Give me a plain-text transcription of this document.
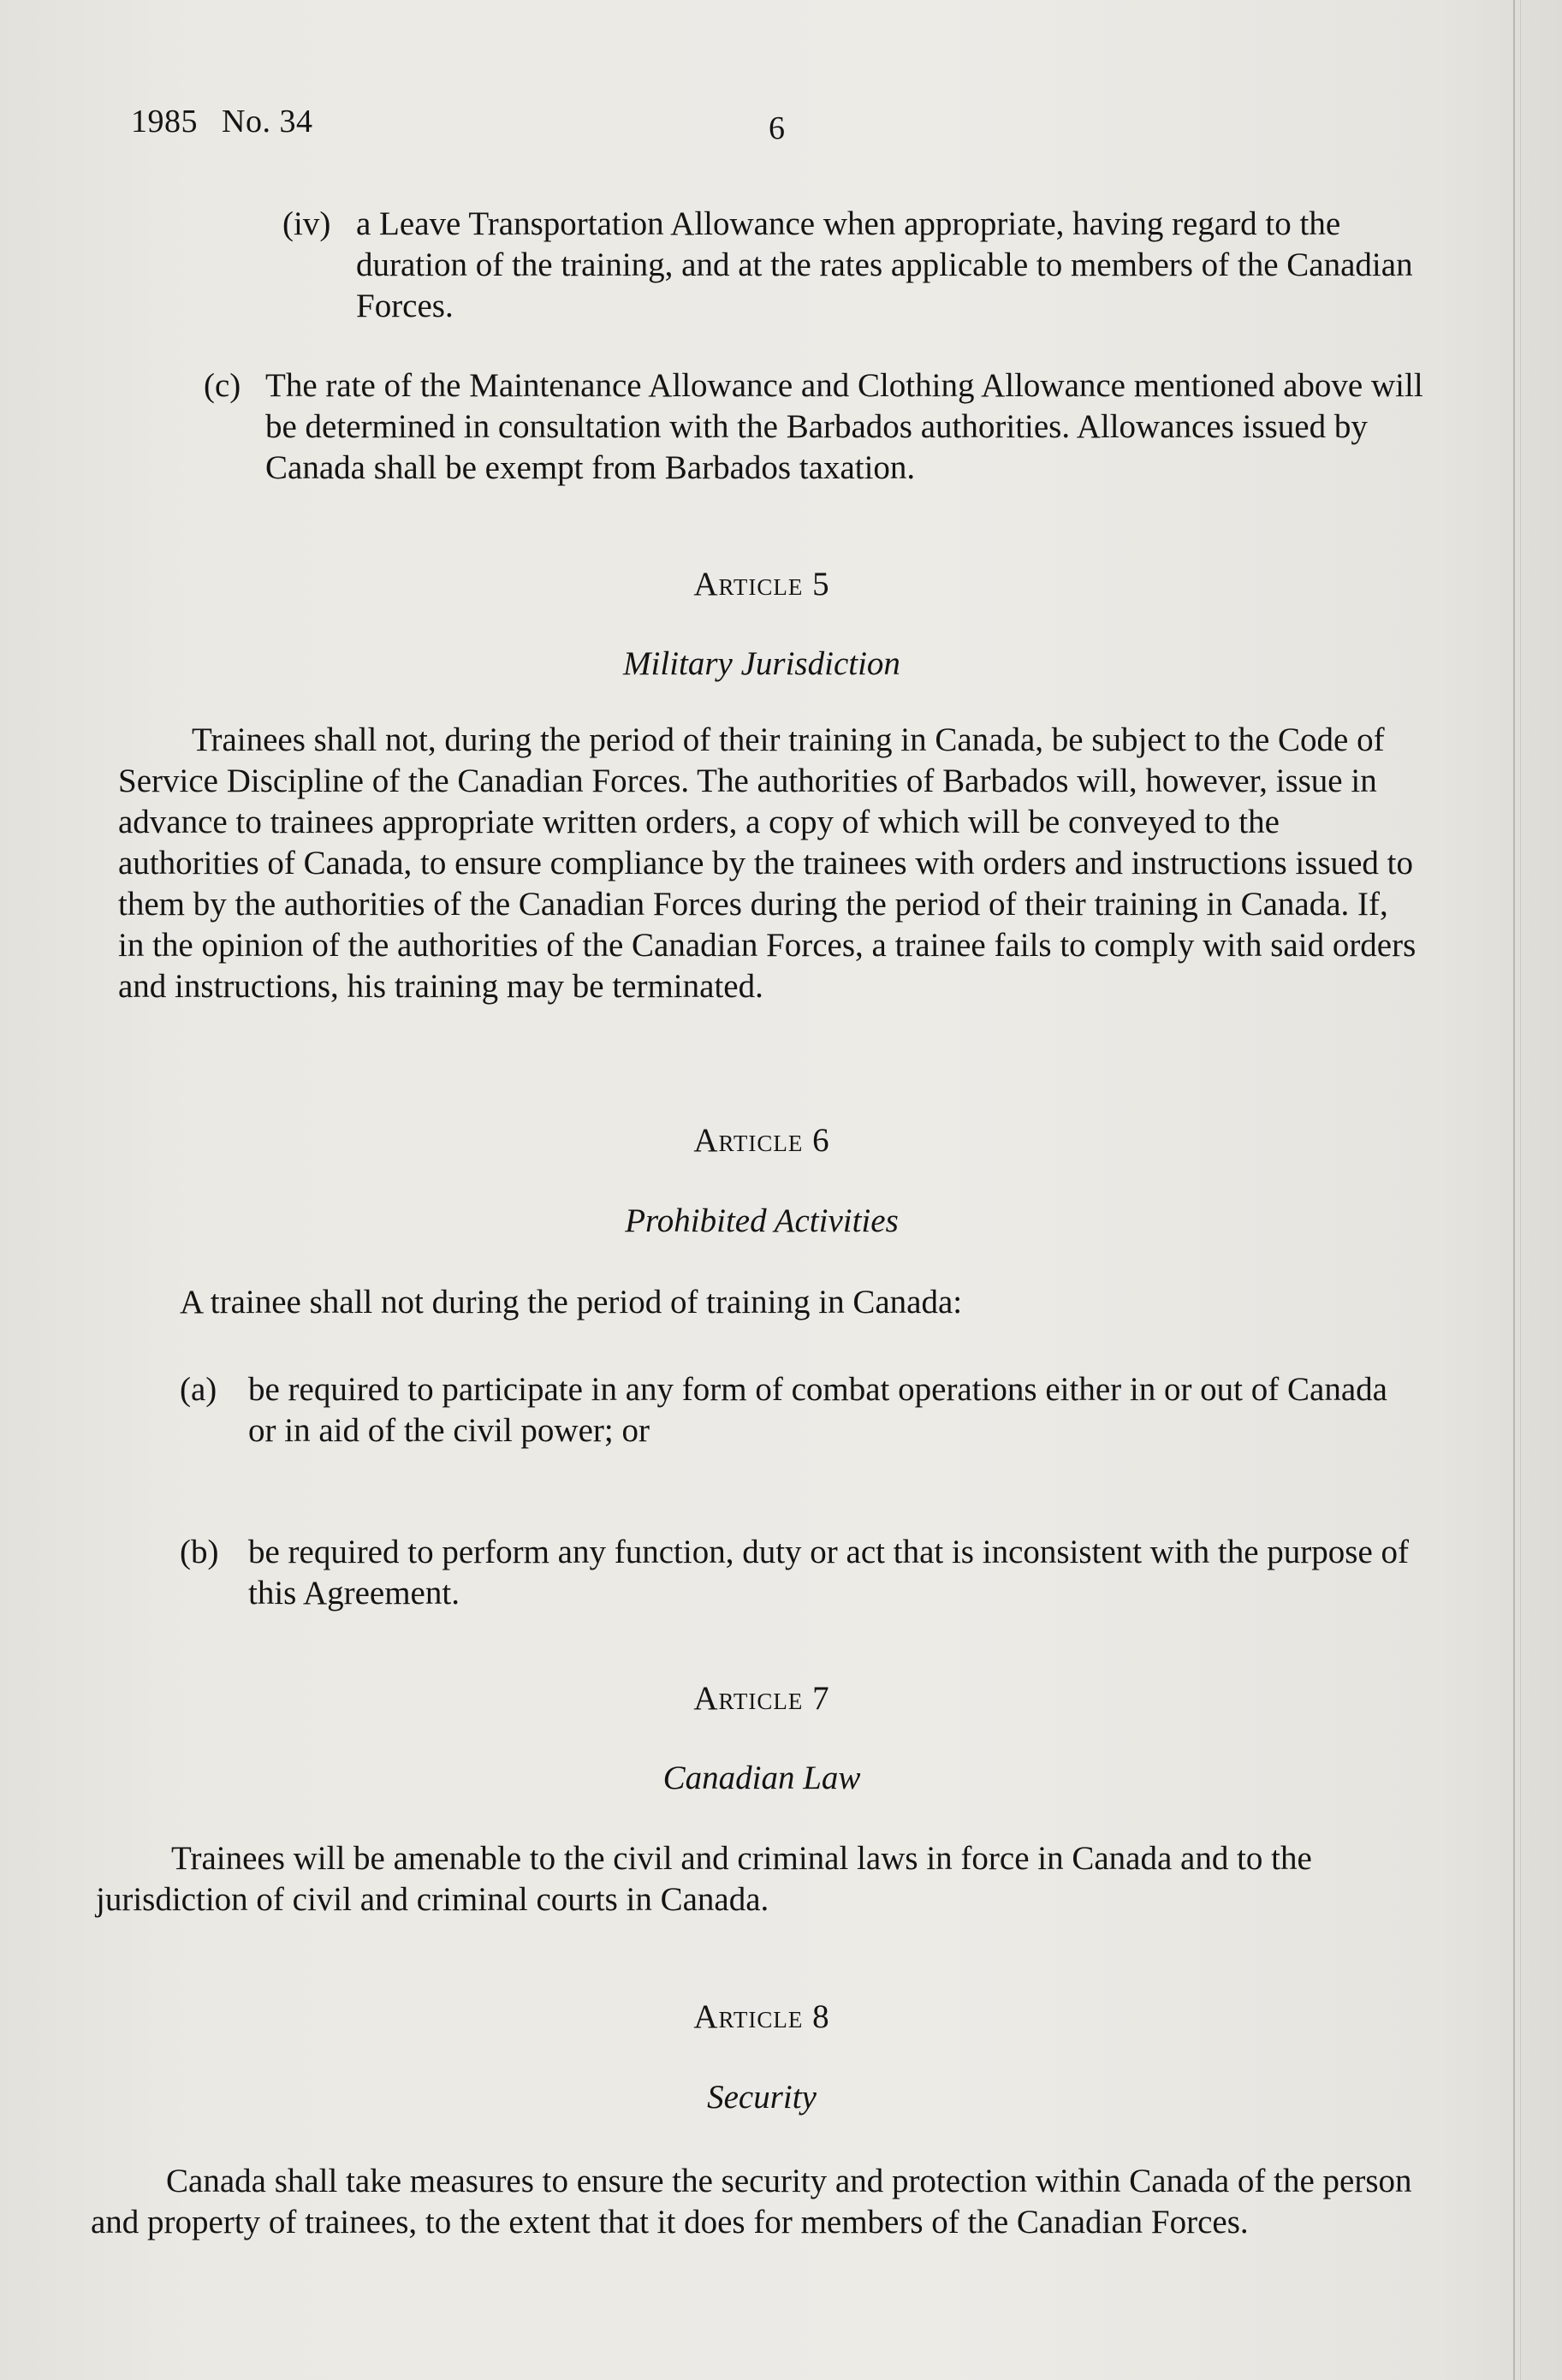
1985 No. 34	6
(iv) a Leave Transportation Allowance when appropriate, having regard to the duration of the training, and at the rates applicable to members of the Canadian Forces.
(c) The rate of the Maintenance Allowance and Clothing Allowance mentioned above will be determined in consultation with the Barbados authorities. Allowances issued by Canada shall be exempt from Barbados taxation.
Article 5
Military Jurisdiction

Trainees shall not, during the period of their training in Canada, be subject to the Code of Service Discipline of the Canadian Forces. The authorities of Barbados will, however, issue in advance to trainees appropriate written orders, a copy of which will be conveyed to the authorities of Canada, to ensure compliance by the trainees with orders and instructions issued to them by the authorities of the Canadian Forces during the period of their training in Canada. If, in the opinion of the authorities of the Canadian Forces, a trainee fails to comply with said orders and instructions, his training may be terminated.

Article 6
Prohibited Activities

A trainee shall not during the period of training in Canada:

(a) be required to participate in any form of combat operations either in or out of Canada or in aid of the civil power; or
(b) be required to perform any function, duty or act that is inconsistent with the purpose of this Agreement.
Article 7
Canadian Law

Trainees will be amenable to the civil and criminal laws in force in Canada and to the jurisdiction of civil and criminal courts in Canada.

Article 8
Security

Canada shall take measures to ensure the security and protection within Canada of the person and property of trainees, to the extent that it does for members of the Canadian Forces.
